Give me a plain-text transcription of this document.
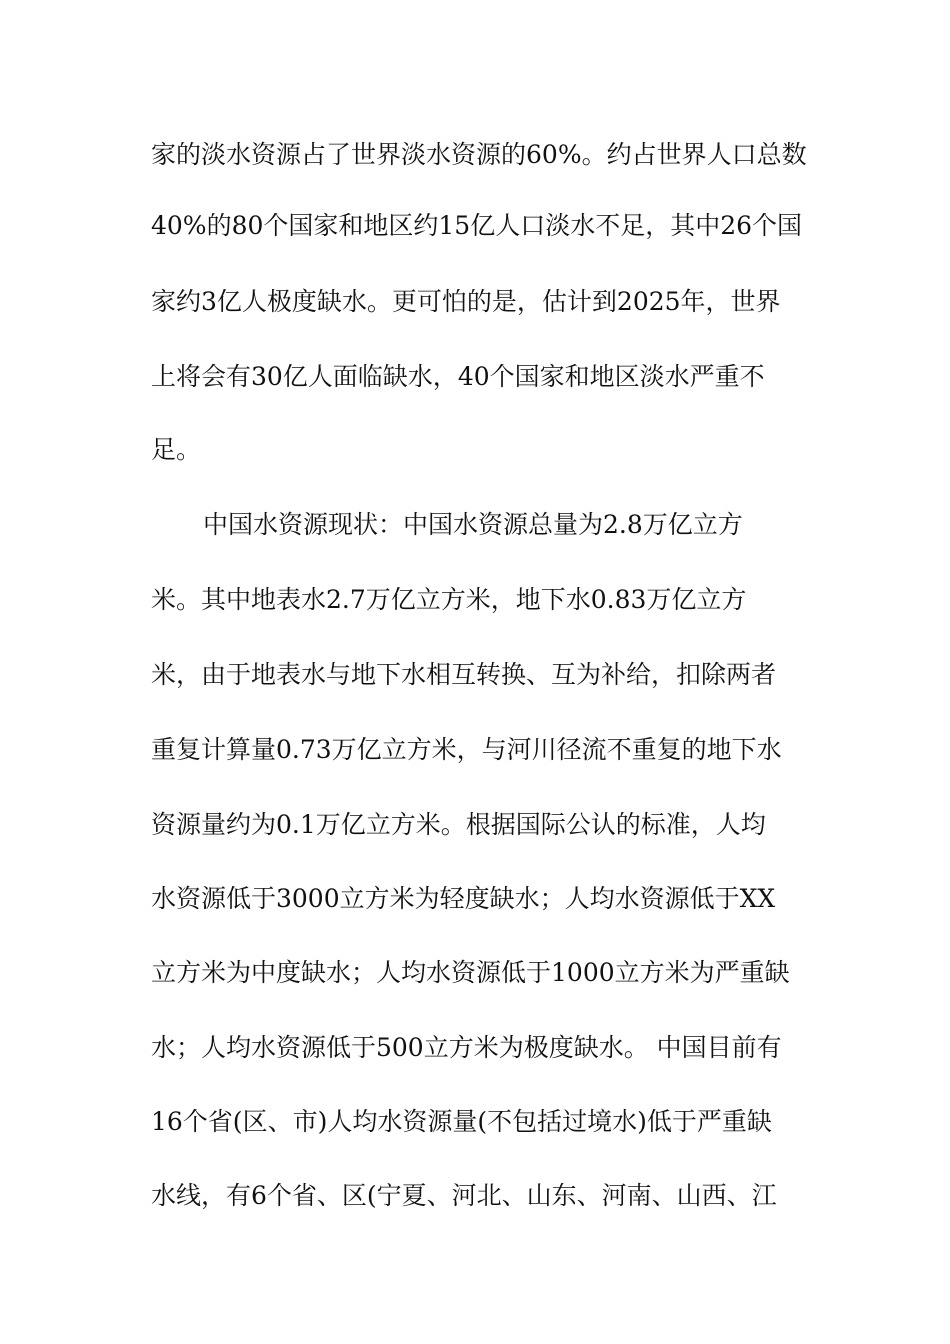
家的淡水资源占了世界淡水资源的60%。约占世界人口总数
40%的80个国家和地区约15亿人口淡水不足，其中26个国
家约3亿人极度缺水。更可怕的是，估计到2025年，世界
上将会有30亿人面临缺水，40个国家和地区淡水严重不
足。
中国水资源现状：中国水资源总量为2.8万亿立方
米。其中地表水2.7万亿立方米，地下水0.83万亿立方
米，由于地表水与地下水相互转换、互为补给，扣除两者
重复计算量0.73万亿立方米，与河川径流不重复的地下水
资源量约为0.1万亿立方米。根据国际公认的标准，人均
水资源低于3000立方米为轻度缺水；人均水资源低于XX
立方米为中度缺水；人均水资源低于1000立方米为严重缺
水；人均水资源低于500立方米为极度缺水。 中国目前有
16个省(区、市)人均水资源量(不包括过境水)低于严重缺
水线，有6个省、区(宁夏、河北、山东、河南、山西、江
